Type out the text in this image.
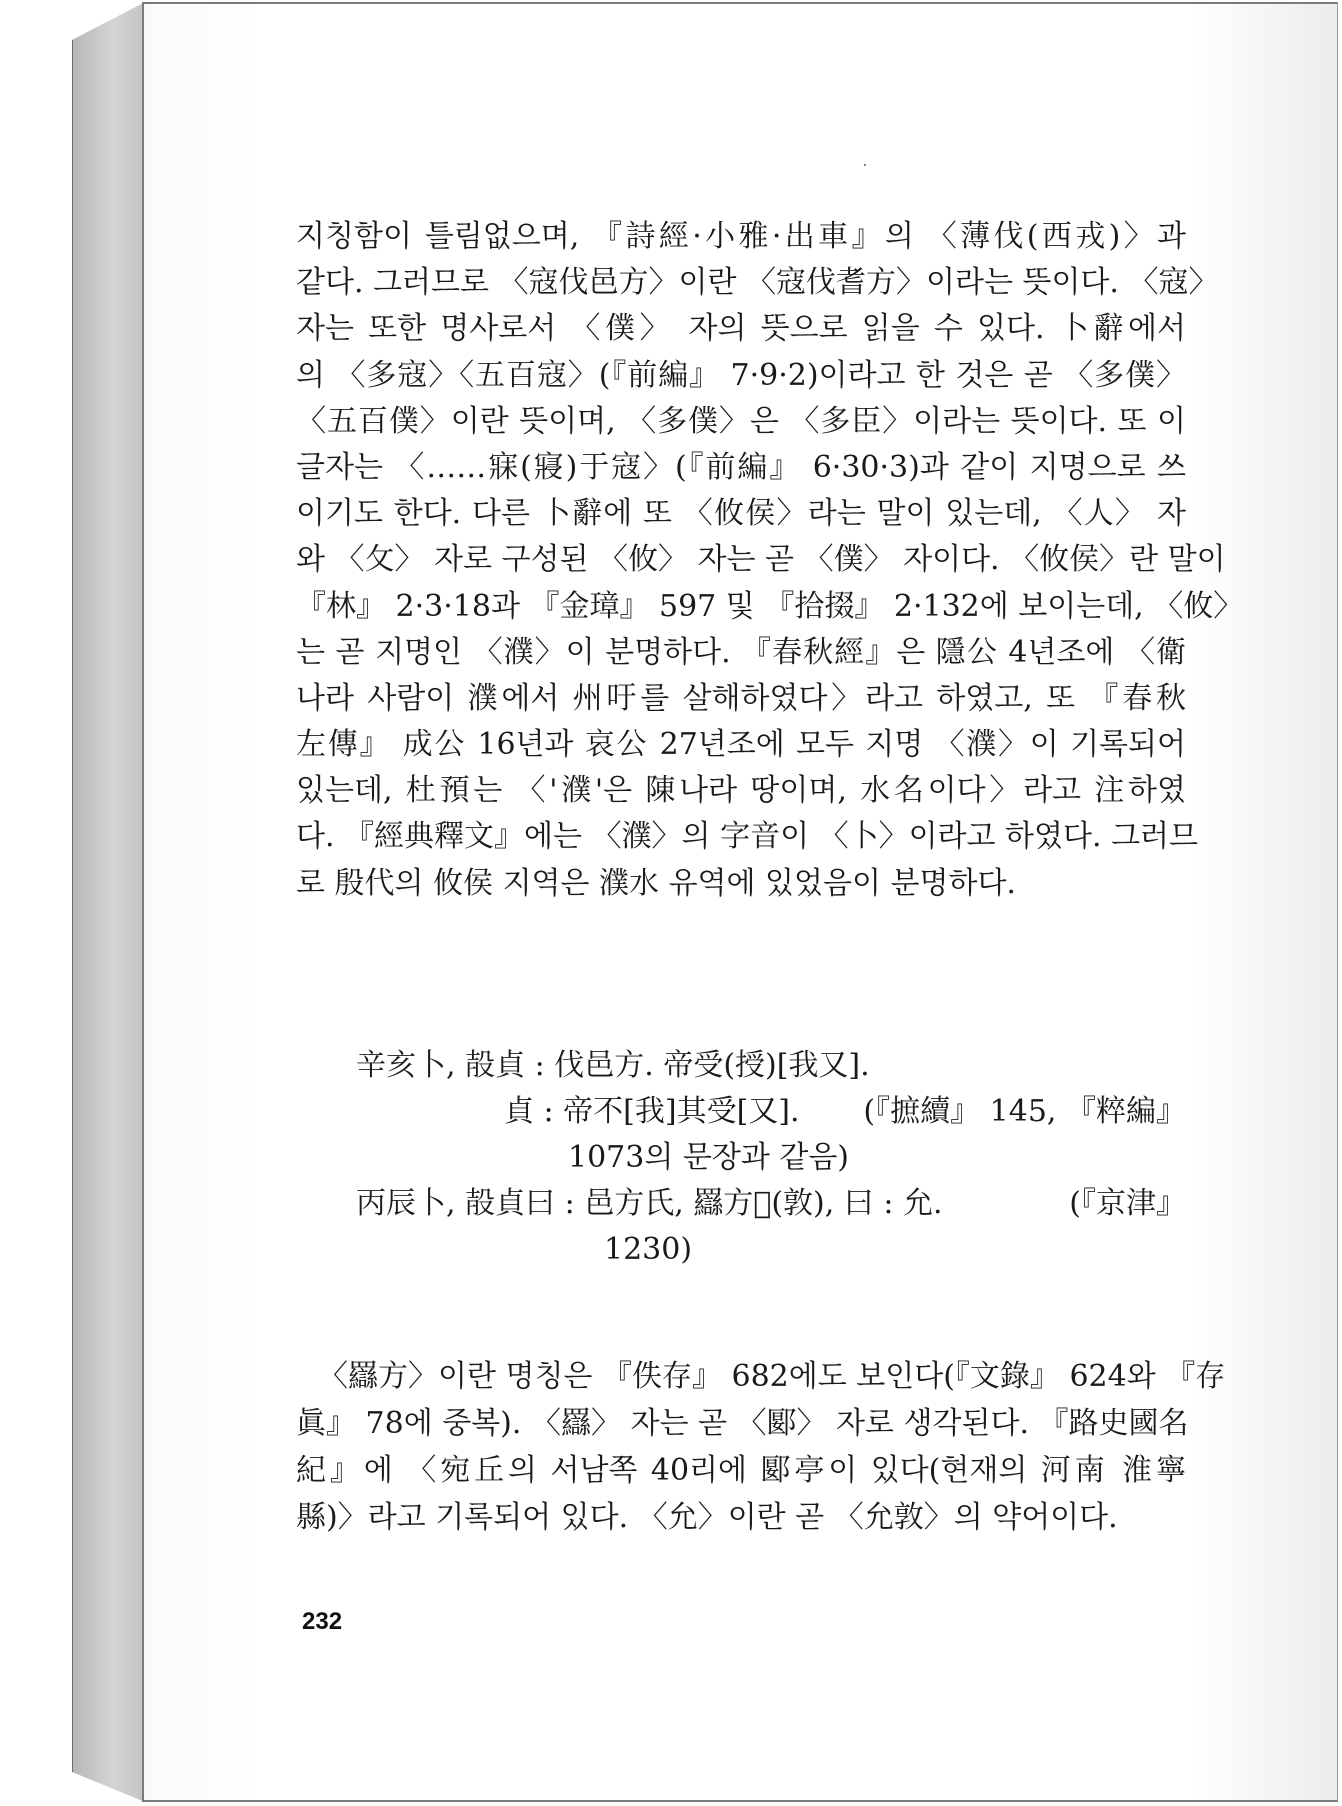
지칭함이 틀림없으며, 『詩經·小雅·出車』의 〈薄伐(西戎)〉과
같다. 그러므로 〈寇伐邑方〉이란 〈寇伐耆方〉이라는 뜻이다. 〈寇〉
자는 또한 명사로서 〈僕〉 자의 뜻으로 읽을 수 있다. 卜辭에서
의 〈多寇〉〈五百寇〉(『前編』 7·9·2)이라고 한 것은 곧 〈多僕〉
〈五百僕〉이란 뜻이며, 〈多僕〉은 〈多臣〉이라는 뜻이다. 또 이
글자는 〈……寐(寢)于寇〉(『前編』 6·30·3)과 같이 지명으로 쓰
이기도 한다. 다른 卜辭에 또 〈攸侯〉라는 말이 있는데, 〈人〉 자
와 〈攵〉 자로 구성된 〈攸〉 자는 곧 〈僕〉 자이다. 〈攸侯〉란 말이
『林』 2·3·18과 『金璋』 597 및 『拾掇』 2·132에 보이는데, 〈攸〉
는 곧 지명인 〈濮〉이 분명하다. 『春秋經』은 隱公 4년조에 〈衛
나라 사람이 濮에서 州吁를 살해하였다〉라고 하였고, 또 『春秋
左傳』 成公 16년과 哀公 27년조에 모두 지명 〈濮〉이 기록되어
있는데, 杜預는 〈'濮'은 陳나라 땅이며, 水名이다〉라고 注하였
다. 『經典釋文』에는 〈濮〉의 字音이 〈卜〉이라고 하였다. 그러므
로 殷代의 攸侯 지역은 濮水 유역에 있었음이 분명하다.
辛亥卜, 㱿貞 : 伐邑方. 帝受(授)[我又].
貞 : 帝不[我]其受[又]. (『摭續』 145, 『粹編』
1073의 문장과 같음)
丙辰卜, 㱿貞曰 : 邑方氏, 羉方𦎫(敦), 曰 : 允.	(『京津』
1230)
〈羉方〉이란 명칭은 『佚存』 682에도 보인다(『文錄』 624와 『存
眞』 78에 중복). 〈羉〉 자는 곧 〈郾〉 자로 생각된다. 『路史國名
紀』에 〈宛丘의 서남쪽 40리에 郾亭이 있다(현재의 河南 淮寧
縣)〉라고 기록되어 있다. 〈允〉이란 곧 〈允敦〉의 약어이다.
232
